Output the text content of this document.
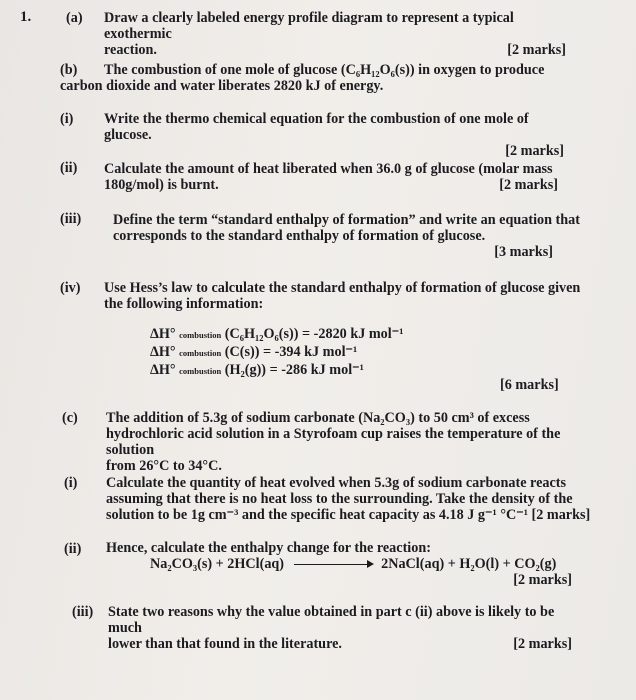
1. (a) Draw a clearly labeled energy profile diagram to represent a typical exothermic
reaction.	[2 marks]
(b) The combustion of one mole of glucose (C₆H₁₂O₆(s)) in oxygen to produce
carbon dioxide and water liberates 2820 kJ of energy.
(i) Write the thermo chemical equation for the combustion of one mole of glucose.
[2 marks]
(ii) Calculate the amount of heat liberated when 36.0 g of glucose (molar mass
180g/mol) is burnt.	[2 marks]
(iii) Define the term “standard enthalpy of formation” and write an equation that
corresponds to the standard enthalpy of formation of glucose.
[3 marks]
(iv) Use Hess’s law to calculate the standard enthalpy of formation of glucose given
the following information:
ΔH° combustion (C₆H₁₂O₆(s)) = -2820 kJ mol⁻¹
ΔH° combustion (C(s)) = -394 kJ mol⁻¹
ΔH° combustion (H₂(g)) = -286 kJ mol⁻¹
[6 marks]
(c) The addition of 5.3g of sodium carbonate (Na₂CO₃) to 50 cm³ of excess
hydrochloric acid solution in a Styrofoam cup raises the temperature of the solution
from 26°C to 34°C.
(i) Calculate the quantity of heat evolved when 5.3g of sodium carbonate reacts
assuming that there is no heat loss to the surrounding. Take the density of the
solution to be 1g cm⁻³ and the specific heat capacity as 4.18 J g⁻¹ °C⁻¹ [2 marks]
(ii) Hence, calculate the enthalpy change for the reaction:
Na₂CO₃(s) + 2HCl(aq)	2NaCl(aq) + H₂O(l) + CO₂(g)
[2 marks]
(iii) State two reasons why the value obtained in part c (ii) above is likely to be much
lower than that found in the literature.	[2 marks]
